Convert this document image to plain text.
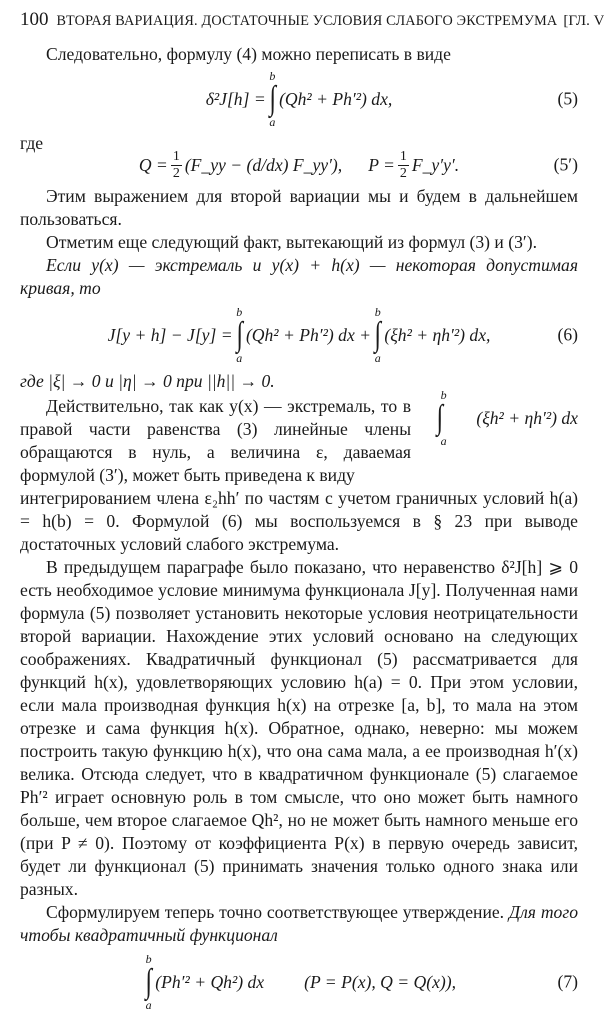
100 ВТОРАЯ ВАРИАЦИЯ. ДОСТАТОЧНЫЕ УСЛОВИЯ СЛАБОГО ЭКСТРЕМУМА [ГЛ. V

Следовательно, формулу (4) можно переписать в виде

δ²J[h] =
b
∫
a
(Qh² + Ph′²) dx,	(5)

где

$Q = \frac{1}{2}$ (F_yy − (d/dx) F_yy′), $P = \frac{1}{2}$ F_y′y′.	(5′)

Этим выражением для второй вариации мы и будем в дальнейшем пользоваться.

Отметим еще следующий факт, вытекающий из формул (3) и (3′).

Если y(x) — экстремаль и y(x) + h(x) — некоторая допустимая кривая, то

J[y + h] − J[y] =
b
∫
a
(Qh² + Ph′²) dx +
b
∫
a
(ξh² + ηh′²) dx,	(6)

где |ξ| → 0 и |η| → 0 при ||h|| → 0.

b
∫
a
(ξh² + ηh′²) dx
Действительно, так как y(x) — экстремаль, то в правой части равенства (3) линейные члены обращаются в нуль, а величина ε, даваемая формулой (3′), может быть приведена к виду

интегрированием члена ε₂hh′ по частям с учетом граничных условий h(a) = h(b) = 0. Формулой (6) мы воспользуемся в § 23 при выводе достаточных условий слабого экстремума.

В предыдущем параграфе было показано, что неравенство δ²J[h] ⩾ 0 есть необходимое условие минимума функционала J[y]. Полученная нами формула (5) позволяет установить некоторые условия неотрицательности второй вариации. Нахождение этих условий основано на следующих соображениях. Квадратичный функционал (5) рассматривается для функций h(x), удовлетворяющих условию h(a) = 0. При этом условии, если мала производная функция h(x) на отрезке [a, b], то мала на этом отрезке и сама функция h(x). Обратное, однако, неверно: мы можем построить такую функцию h(x), что она сама мала, а ее производная h′(x) велика. Отсюда следует, что в квадратичном функционале (5) слагаемое Ph′² играет основную роль в том смысле, что оно может быть намного больше, чем второе слагаемое Qh², но не может быть намного меньше его (при P ≠ 0). Поэтому от коэффициента P(x) в первую очередь зависит, будет ли функционал (5) принимать значения только одного знака или разных.

Сформулируем теперь точно соответствующее утверждение. Для того чтобы квадратичный функционал

b
∫
a
(Ph′² + Qh²) dx (P = P(x), Q = Q(x)),	(7)
